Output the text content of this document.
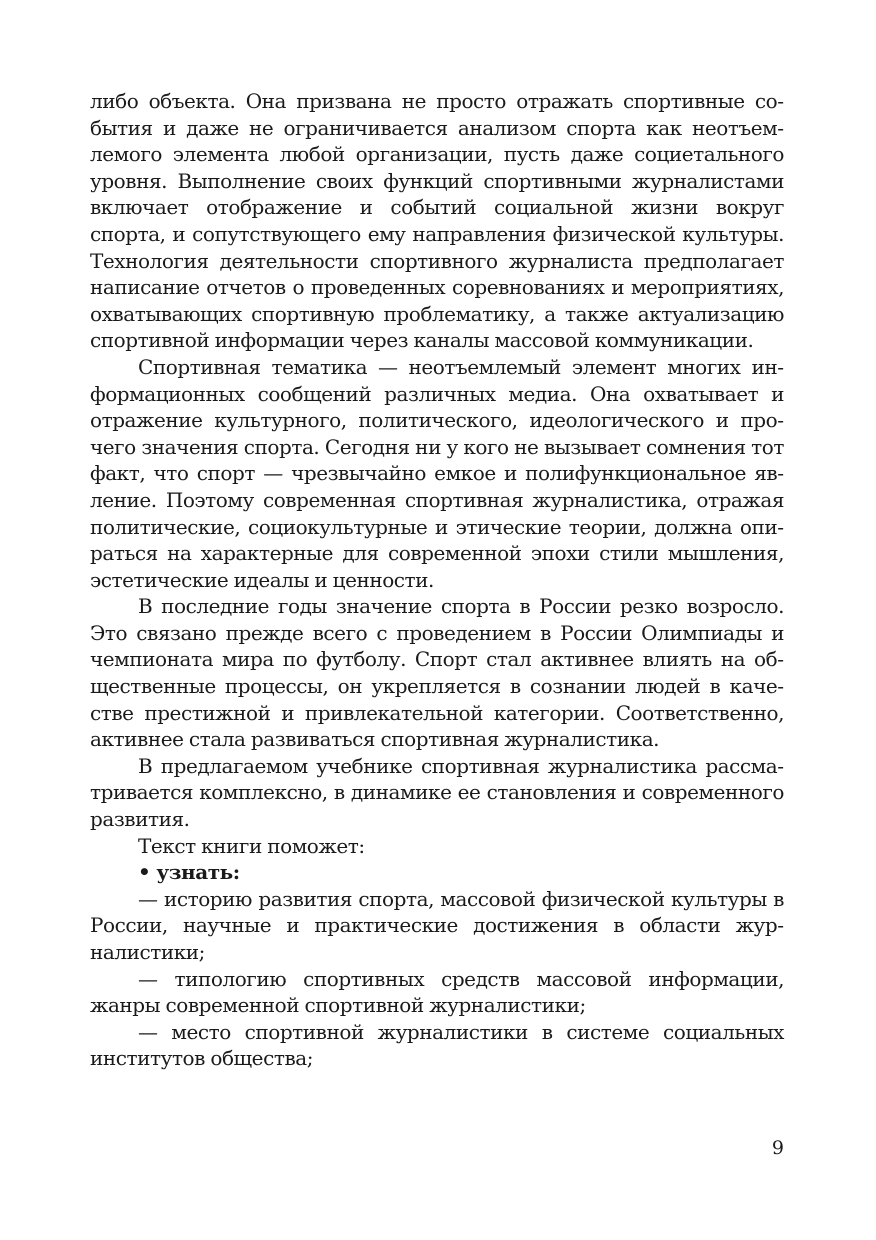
либо объекта. Она призвана не просто отражать спортивные события и даже не ограничивается анализом спорта как неотъемлемого элемента любой организации, пусть даже социетального уровня. Выполнение своих функций спортивными журналистами включает отображение и событий социальной жизни вокруг спорта, и сопутствующего ему направления физической культуры. Технология деятельности спортивного журналиста предполагает написание отчетов о проведенных соревнованиях и мероприятиях, охватывающих спортивную проблематику, а также актуализацию спортивной информации через каналы массовой коммуникации.

Спортивная тематика — неотъемлемый элемент многих информационных сообщений различных медиа. Она охватывает и отражение культурного, политического, идеологического и прочего значения спорта. Сегодня ни у кого не вызывает сомнения тот факт, что спорт — чрезвычайно емкое и полифункциональное явление. Поэтому современная спортивная журналистика, отражая политические, социокультурные и этические теории, должна опираться на характерные для современной эпохи стили мышления, эстетические идеалы и ценности.

В последние годы значение спорта в России резко возросло. Это связано прежде всего с проведением в России Олимпиады и чемпионата мира по футболу. Спорт стал активнее влиять на общественные процессы, он укрепляется в сознании людей в качестве престижной и привлекательной категории. Соответственно, активнее стала развиваться спортивная журналистика.

В предлагаемом учебнике спортивная журналистика рассматривается комплексно, в динамике ее становления и современного развития.

Текст книги поможет:

• узнать:

— историю развития спорта, массовой физической культуры в России, научные и практические достижения в области журналистики;

— типологию спортивных средств массовой информации, жанры современной спортивной журналистики;

— место спортивной журналистики в системе социальных институтов общества;

9
